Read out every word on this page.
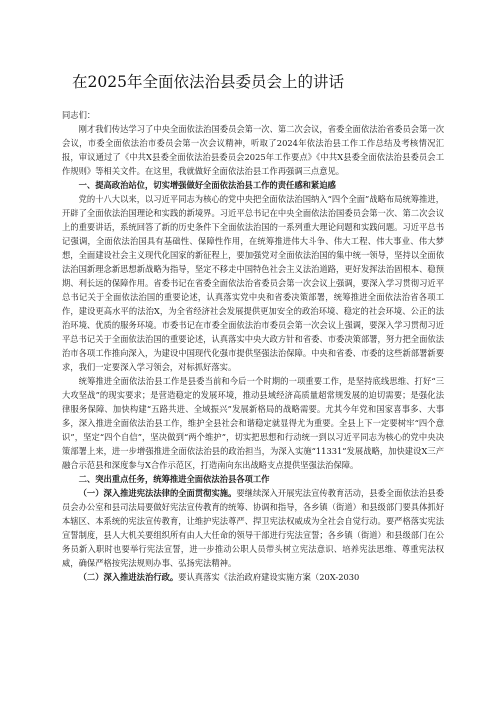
在2025年全面依法治县委员会上的讲话

同志们：

刚才我们传达学习了中央全面依法治国委员会第一次、第二次会议，省委全面依法治省委员会第一次会议，市委全面依法治市委员会第一次会议精神，听取了2024年依法治县工作工作总结及考核情况汇报，审议通过了《中共X县委全面依法治县委员会2025年工作要点》《中共X县委全面依法治县委员会工作规则》等相关文件。在这里，我就做好全面依法治县工作再强调三点意见。

一、提高政治站位，切实增强做好全面依法治县工作的责任感和紧迫感

党的十八大以来，以习近平同志为核心的党中央把全面依法治国纳入“四个全面”战略布局统筹推进，开辟了全面依法治国理论和实践的新境界。习近平总书记在中央全面依法治国委员会第一次、第二次会议上的重要讲话，系统回答了新的历史条件下全面依法治国的一系列重大理论问题和实践问题。习近平总书记强调，全面依法治国具有基础性、保障性作用，在统筹推进伟大斗争、伟大工程、伟大事业、伟大梦想，全面建设社会主义现代化国家的新征程上，要加强党对全面依法治国的集中统一领导，坚持以全面依法治国新理念新思想新战略为指导，坚定不移走中国特色社会主义法治道路，更好发挥法治固根本、稳预期、利长远的保障作用。省委书记在省委全面依法治省委员会第一次会议上强调，要深入学习贯彻习近平总书记关于全面依法治国的重要论述，认真落实党中央和省委决策部署，统筹推进全面依法治省各项工作，建设更高水平的法治X，为全省经济社会发展提供更加安全的政治环境、稳定的社会环境、公正的法治环境、优质的服务环境。市委书记在市委全面依法治市委员会第一次会议上强调，要深入学习贯彻习近平总书记关于全面依法治国的重要论述，认真落实中央大政方针和省委、市委决策部署，努力把全面依法治市各项工作推向深入，为建设中国现代化强市提供坚强法治保障。中央和省委、市委的这些新部署新要求，我们一定要深入学习领会，对标抓好落实。

统筹推进全面依法治县工作是县委当前和今后一个时期的一项重要工作，是坚持底线思维、打好“三大攻坚战”的现实要求；是营造稳定的发展环境，推动县域经济高质量超常规发展的迫切需要；是强化法律服务保障、加快构建“五路共进、全域振兴”发展新格局的战略需要。尤其今年党和国家喜事多、大事多，深入推进全面依法治县工作，维护全县社会和谐稳定就显得尤为重要。全县上下一定要树牢“四个意识”，坚定“四个自信”，坚决做到“两个维护”，切实把思想和行动统一到以习近平同志为核心的党中央决策部署上来，进一步增强推进全面依法治县的政治担当，为深入实施“11331”发展战略，加快建设X三产融合示范县和深度参与X合作示范区，打造南向东出战略支点提供坚强法治保障。

二、突出重点任务，统筹推进全面依法治县各项工作

（一）深入推进宪法法律的全面贯彻实施。要继续深入开展宪法宣传教育活动，县委全面依法治县委员会办公室和县司法局要做好宪法宣传教育的统筹、协调和指导，各乡镇（街道）和县级部门要具体抓好本辖区、本系统的宪法宣传教育，让维护宪法尊严、捍卫宪法权威成为全社会自觉行动。要严格落实宪法宣誓制度，县人大机关要组织所有由人大任命的领导干部进行宪法宣誓；各乡镇（街道）和县级部门在公务员新入职时也要举行宪法宣誓，进一步推动公职人员带头树立宪法意识、培养宪法思维、尊重宪法权威，确保严格按宪法规则办事、弘扬宪法精神。

（二）深入推进法治行政。要认真落实《法治政府建设实施方案（20X-2030
